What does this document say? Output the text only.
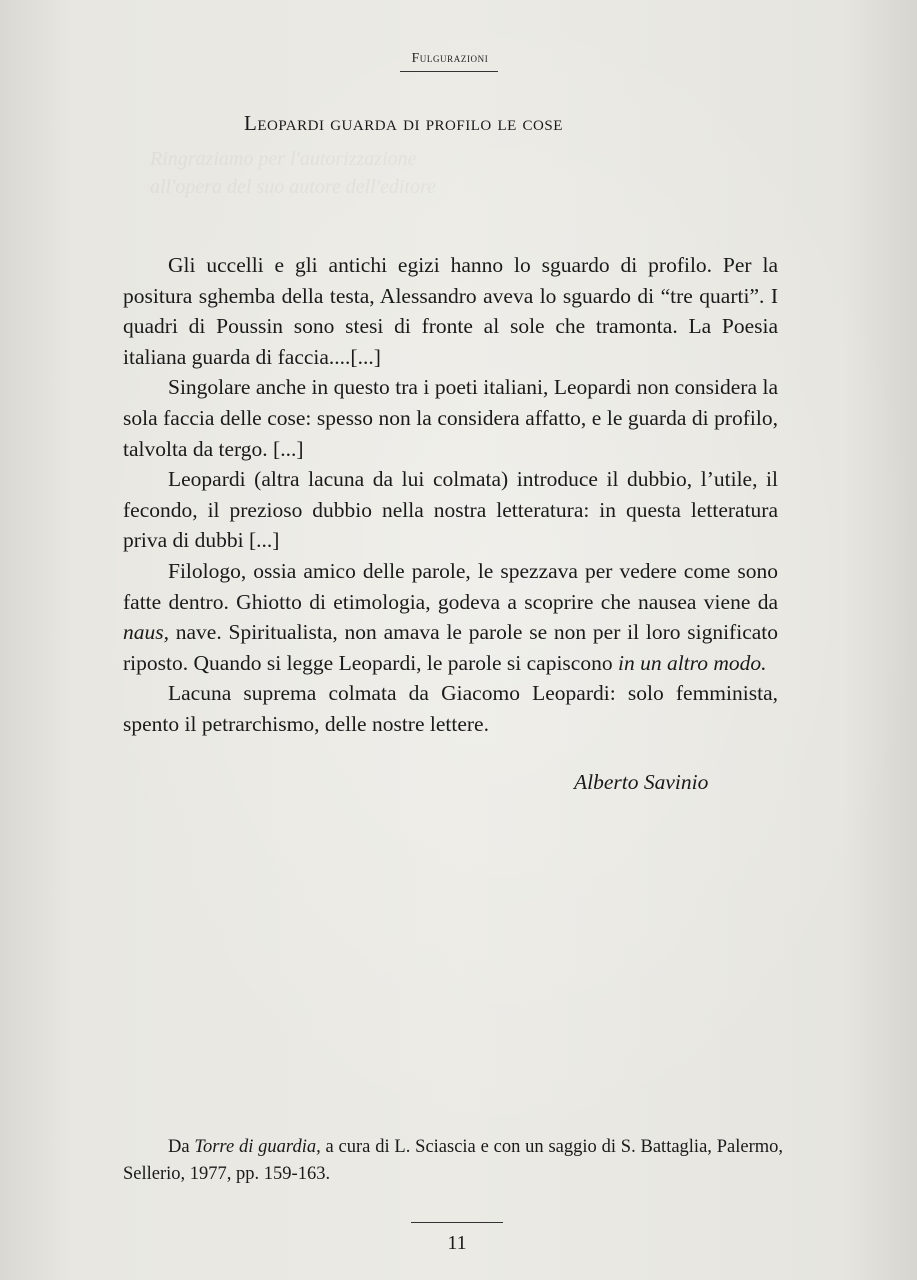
Ringraziamo per l'autorizzazione
all'opera del suo autore dell'editore
Fulgurazioni
Leopardi guarda di profilo le cose

Gli uccelli e gli antichi egizi hanno lo sguardo di profilo. Per la positura sghemba della testa, Alessandro aveva lo sguardo di “tre quarti”. I quadri di Poussin sono stesi di fronte al sole che tramonta. La Poesia italiana guarda di faccia....[...]

Singolare anche in questo tra i poeti italiani, Leopardi non considera la sola faccia delle cose: spesso non la considera affatto, e le guarda di profilo, talvolta da tergo. [...]

Leopardi (altra lacuna da lui colmata) introduce il dubbio, l’utile, il fecondo, il prezioso dubbio nella nostra letteratura: in questa letteratura priva di dubbi [...]

Filologo, ossia amico delle parole, le spezzava per vedere come sono fatte dentro. Ghiotto di etimologia, godeva a scoprire che nausea viene da naus, nave. Spiritualista, non amava le parole se non per il loro significato riposto. Quando si legge Leopardi, le parole si capiscono in un altro modo.

Lacuna suprema colmata da Giacomo Leopardi: solo femminista, spento il petrarchismo, delle nostre lettere.

Alberto Savinio
Da Torre di guardia, a cura di L. Sciascia e con un saggio di S. Battaglia, Palermo, Sellerio, 1977, pp. 159-163.
11
